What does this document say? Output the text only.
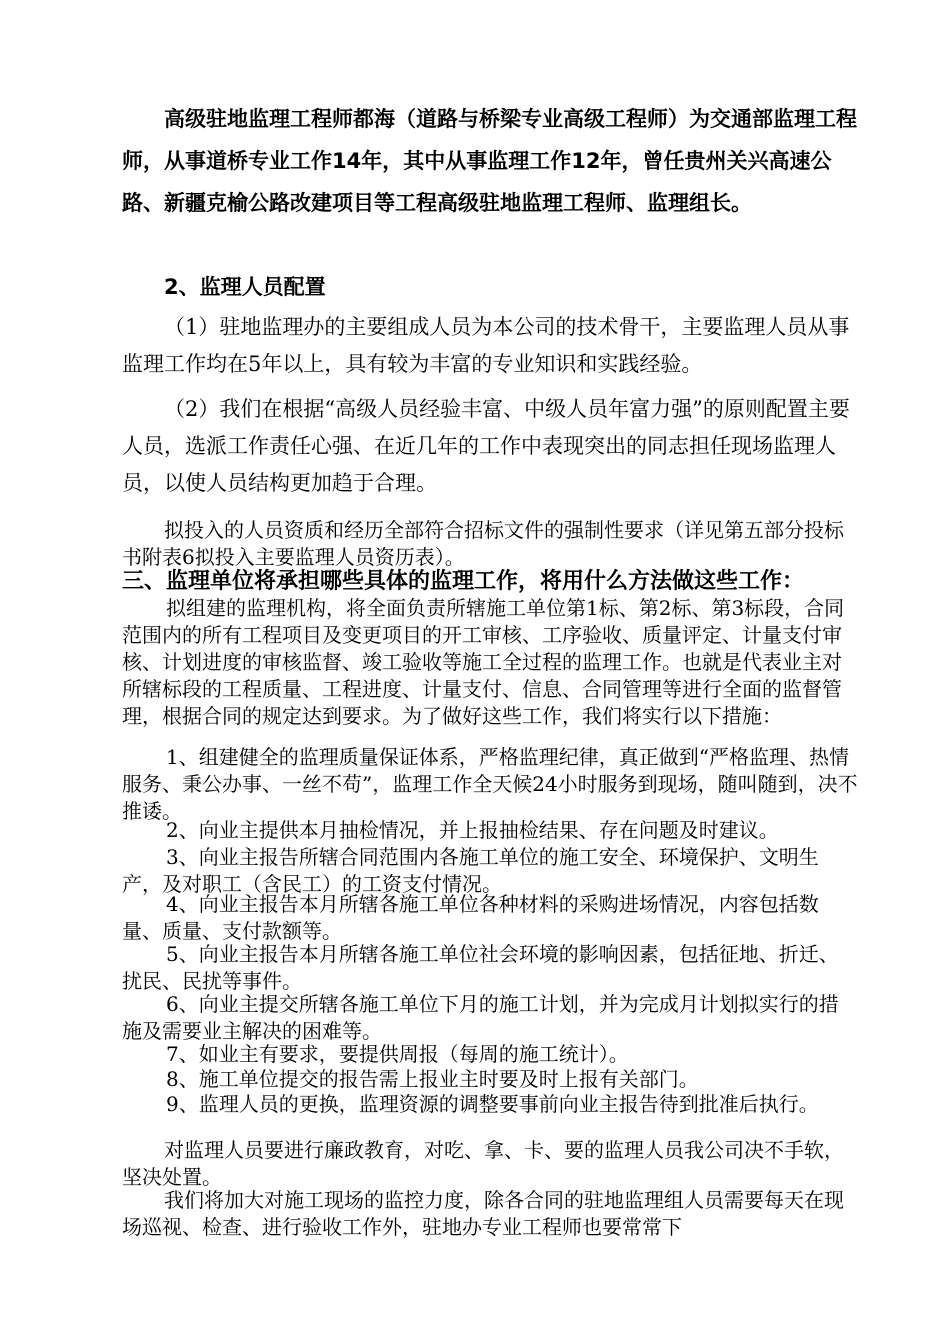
高级驻地监理工程师都海（道路与桥梁专业高级工程师）为交通部监理工程师，从事道桥专业工作14年，其中从事监理工作12年，曾任贵州关兴高速公路、新疆克榆公路改建项目等工程高级驻地监理工程师、监理组长。

2、监理人员配置

（1）驻地监理办的主要组成人员为本公司的技术骨干，主要监理人员从事监理工作均在5年以上，具有较为丰富的专业知识和实践经验。

（2）我们在根据“高级人员经验丰富、中级人员年富力强”的原则配置主要人员，选派工作责任心强、在近几年的工作中表现突出的同志担任现场监理人员，以使人员结构更加趋于合理。

拟投入的人员资质和经历全部符合招标文件的强制性要求（详见第五部分投标书附表6拟投入主要监理人员资历表）。

三、监理单位将承担哪些具体的监理工作，将用什么方法做这些工作：

拟组建的监理机构，将全面负责所辖施工单位第1标、第2标、第3标段，合同范围内的所有工程项目及变更项目的开工审核、工序验收、质量评定、计量支付审核、计划进度的审核监督、竣工验收等施工全过程的监理工作。也就是代表业主对所辖标段的工程质量、工程进度、计量支付、信息、合同管理等进行全面的监督管理，根据合同的规定达到要求。为了做好这些工作，我们将实行以下措施：

1、组建健全的监理质量保证体系，严格监理纪律，真正做到“严格监理、热情服务、秉公办事、一丝不苟”，监理工作全天候24小时服务到现场，随叫随到，决不推诿。

2、向业主提供本月抽检情况，并上报抽检结果、存在问题及时建议。

3、向业主报告所辖合同范围内各施工单位的施工安全、环境保护、文明生产，及对职工（含民工）的工资支付情况。

4、向业主报告本月所辖各施工单位各种材料的采购进场情况，内容包括数量、质量、支付款额等。

5、向业主报告本月所辖各施工单位社会环境的影响因素，包括征地、折迁、扰民、民扰等事件。

6、向业主提交所辖各施工单位下月的施工计划，并为完成月计划拟实行的措施及需要业主解决的困难等。

7、如业主有要求，要提供周报（每周的施工统计）。

8、施工单位提交的报告需上报业主时要及时上报有关部门。

9、监理人员的更换，监理资源的调整要事前向业主报告待到批准后执行。

对监理人员要进行廉政教育，对吃、拿、卡、要的监理人员我公司决不手软，坚决处置。

我们将加大对施工现场的监控力度，除各合同的驻地监理组人员需要每天在现场巡视、检查、进行验收工作外，驻地办专业工程师也要常常下
